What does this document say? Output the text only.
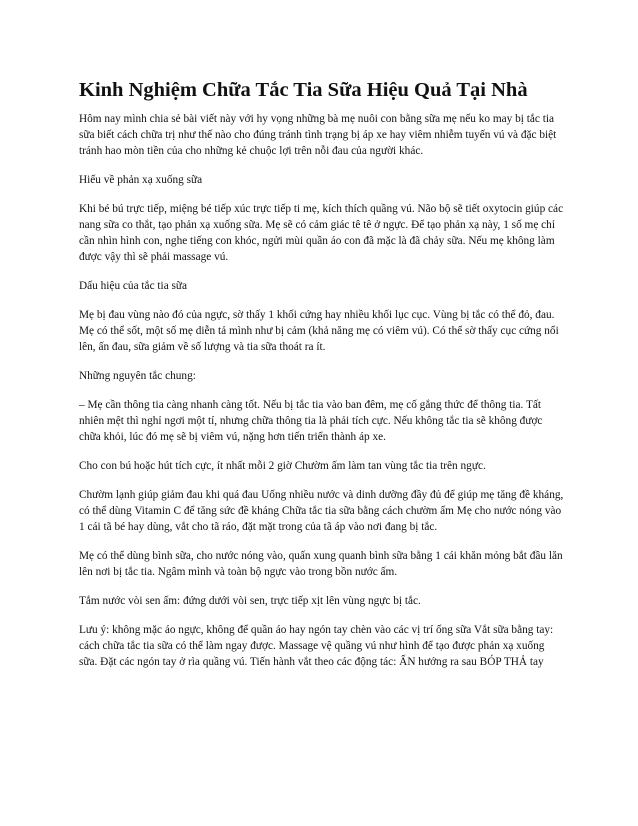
Kinh Nghiệm Chữa Tắc Tia Sữa Hiệu Quả Tại Nhà

Hôm nay mình chia sẻ bài viết này với hy vọng những bà mẹ nuôi con bằng sữa mẹ nếu ko may bị tắc tia sữa biết cách chữa trị như thế nào cho đúng tránh tình trạng bị áp xe hay viêm nhiễm tuyến vú và đặc biệt tránh hao mòn tiền của cho những kẻ chuộc lợi trên nỗi đau của người khác.

Hiểu về phản xạ xuống sữa

Khi bé bú trực tiếp, miệng bé tiếp xúc trực tiếp ti mẹ, kích thích quầng vú. Não bộ sẽ tiết oxytocin giúp các nang sữa co thắt, tạo phản xạ xuống sữa. Mẹ sẽ có cảm giác tê tê ở ngực. Để tạo phản xạ này, 1 số mẹ chỉ cần nhìn hình con, nghe tiếng con khóc, ngửi mùi quần áo con đã mặc là đã chảy sữa. Nếu mẹ không làm được vậy thì sẽ phải massage vú.

Dấu hiệu của tắc tia sữa

Mẹ bị đau vùng nào đó của ngực, sờ thấy 1 khối cứng hay nhiều khối lục cục. Vùng bị tắc có thể đỏ, đau. Mẹ có thể sốt, một số mẹ diễn tả mình như bị cảm (khả năng mẹ có viêm vú). Có thể sờ thấy cục cứng nổi lên, ấn đau, sữa giảm về số lượng và tia sữa thoát ra ít.

Những nguyên tắc chung:

– Mẹ cần thông tia càng nhanh càng tốt. Nếu bị tắc tia vào ban đêm, mẹ cố gắng thức để thông tia. Tất nhiên mệt thì nghỉ ngơi một tí, nhưng chữa thông tia là phải tích cực. Nếu không tắc tia sẽ không được chữa khỏi, lúc đó mẹ sẽ bị viêm vú, nặng hơn tiến triển thành áp xe.

Cho con bú hoặc hút tích cực, ít nhất mỗi 2 giờ Chườm ấm làm tan vùng tắc tia trên ngực.

Chườm lạnh giúp giảm đau khi quá đau Uống nhiều nước và dinh dưỡng đầy đủ để giúp mẹ tăng đề kháng, có thể dùng Vitamin C để tăng sức đề kháng Chữa tắc tia sữa bằng cách chườm ấm Mẹ cho nước nóng vào 1 cái tã bé hay dùng, vắt cho tã ráo, đặt mặt trong của tã áp vào nơi đang bị tắc.

Mẹ có thể dùng bình sữa, cho nước nóng vào, quấn xung quanh bình sữa bằng 1 cái khăn mỏng bắt đầu lăn lên nơi bị tắc tia. Ngâm mình và toàn bộ ngực vào trong bồn nước ấm.

Tắm nước vòi sen ấm: đứng dưới vòi sen, trực tiếp xịt lên vùng ngực bị tắc.

Lưu ý: không mặc áo ngực, không để quần áo hay ngón tay chèn vào các vị trí ống sữa Vắt sữa bằng tay: cách chữa tắc tia sữa có thể làm ngay được. Massage vệ quầng vú như hình để tạo được phản xạ xuống sữa. Đặt các ngón tay ở rìa quầng vú. Tiến hành vắt theo các động tác: ẤN hướng ra sau BÓP THẢ tay
